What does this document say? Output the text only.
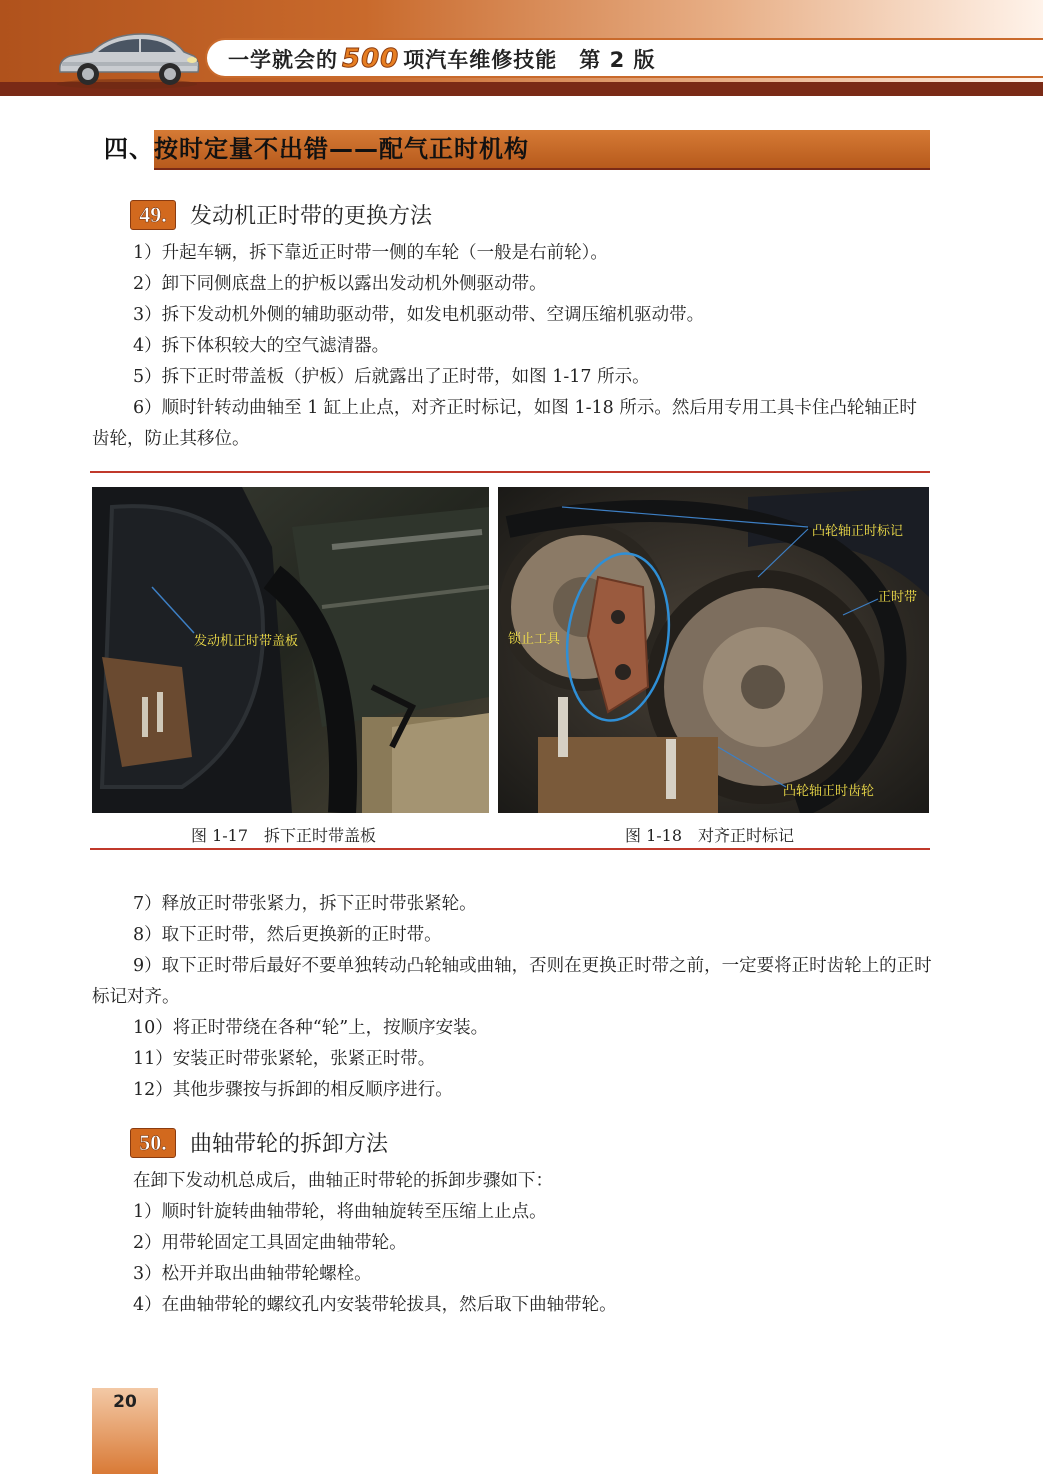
一学就会的 500 项汽车维修技能 第 2 版
四、按时定量不出错——配气正时机构
49. 发动机正时带的更换方法
1）升起车辆，拆下靠近正时带一侧的车轮（一般是右前轮）。
2）卸下同侧底盘上的护板以露出发动机外侧驱动带。
3）拆下发动机外侧的辅助驱动带，如发电机驱动带、空调压缩机驱动带。
4）拆下体积较大的空气滤清器。
5）拆下正时带盖板（护板）后就露出了正时带，如图 1-17 所示。
6）顺时针转动曲轴至 1 缸上止点，对齐正时标记，如图 1-18 所示。然后用专用工具卡住凸轮轴正时齿轮，防止其移位。
发动机正时带盖板
凸轮轴正时标记
正时带
锁止工具
凸轮轴正时齿轮
图 1-17　拆下正时带盖板	图 1-18　对齐正时标记
7）释放正时带张紧力，拆下正时带张紧轮。
8）取下正时带，然后更换新的正时带。
9）取下正时带后最好不要单独转动凸轮轴或曲轴，否则在更换正时带之前，一定要将正时齿轮上的正时标记对齐。
10）将正时带绕在各种“轮”上，按顺序安装。
11）安装正时带张紧轮，张紧正时带。
12）其他步骤按与拆卸的相反顺序进行。
50. 曲轴带轮的拆卸方法
在卸下发动机总成后，曲轴正时带轮的拆卸步骤如下：
1）顺时针旋转曲轴带轮，将曲轴旋转至压缩上止点。
2）用带轮固定工具固定曲轴带轮。
3）松开并取出曲轴带轮螺栓。
4）在曲轴带轮的螺纹孔内安装带轮拔具，然后取下曲轴带轮。
20
